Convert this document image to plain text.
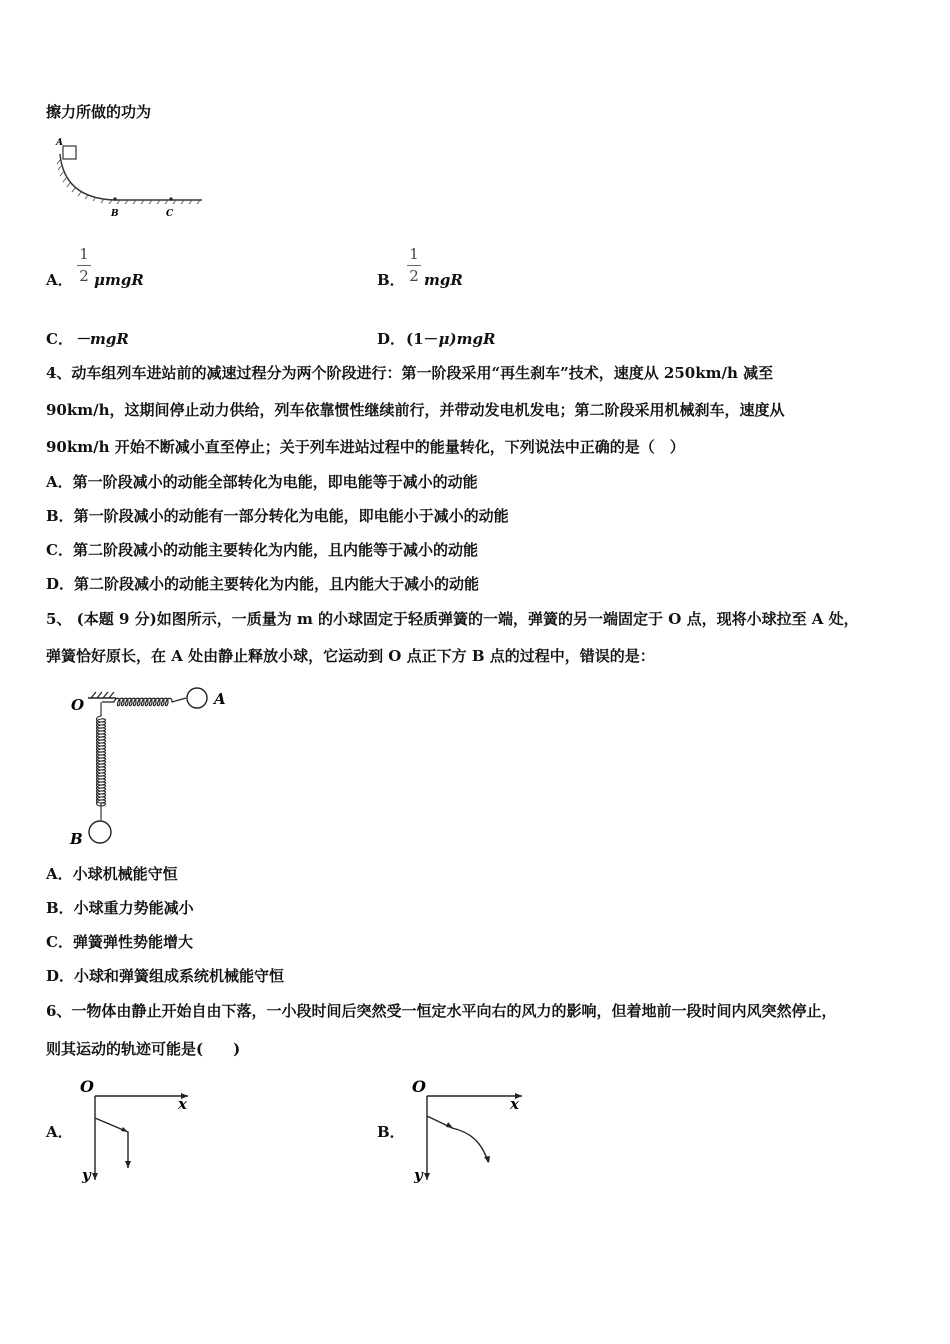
擦力所做的功为
A
B	C
A．
1
2 μmgR	B．
1
2 mgR
C． －mgR	D． (1－μ)mgR
4、动车组列车进站前的减速过程分为两个阶段进行：第一阶段采用“再生刹车”技术，速度从 250km/h 减至
90km/h，这期间停止动力供给，列车依靠惯性继续前行，并带动发电机发电；第二阶段采用机械刹车，速度从
90km/h 开始不断减小直至停止；关于列车进站过程中的能量转化，下列说法中正确的是（　）
A．第一阶段减小的动能全部转化为电能，即电能等于减小的动能
B．第一阶段减小的动能有一部分转化为电能，即电能小于减小的动能
C．第二阶段减小的动能主要转化为内能，且内能等于减小的动能
D．第二阶段减小的动能主要转化为内能，且内能大于减小的动能
5、 (本题 9 分)如图所示，一质量为 m 的小球固定于轻质弹簧的一端，弹簧的另一端固定于 O 点，现将小球拉至 A 处，
弹簧恰好原长，在 A 处由静止释放小球，它运动到 O 点正下方 B 点的过程中，错误的是：
O	A
B
A．小球机械能守恒
B．小球重力势能减小
C．弹簧弹性势能增大
D．小球和弹簧组成系统机械能守恒
6、一物体由静止开始自由下落，一小段时间后突然受一恒定水平向右的风力的影响，但着地前一段时间内风突然停止，
则其运动的轨迹可能是(　　)
A．
O
x
y
B．
O
x
y
